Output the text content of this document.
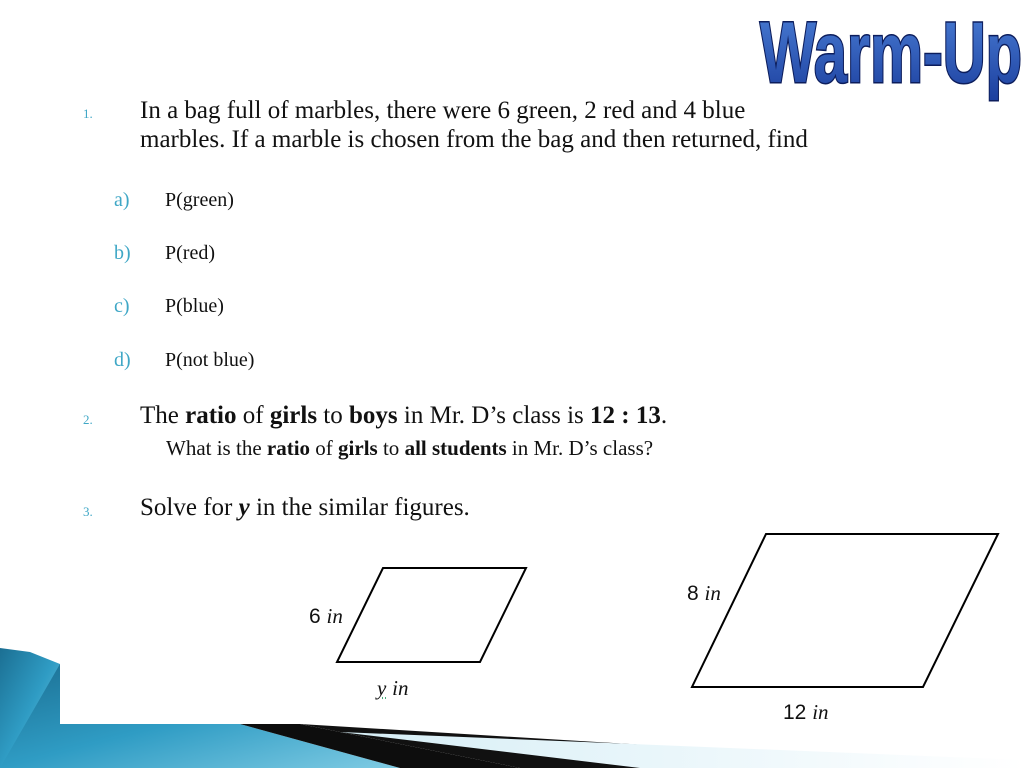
Warm-Up
1. In a bag full of marbles, there were 6 green, 2 red and 4 blue
marbles. If a marble is chosen from the bag and then returned, find
a) P(green)
b) P(red)
c) P(blue)
d) P(not blue)
2. The ratio of girls to boys in Mr. D’s class is 12 : 13.
What is the ratio of girls to all students in Mr. D’s class?
3. Solve for y in the similar figures.
6 in
y in
8 in
12 in
